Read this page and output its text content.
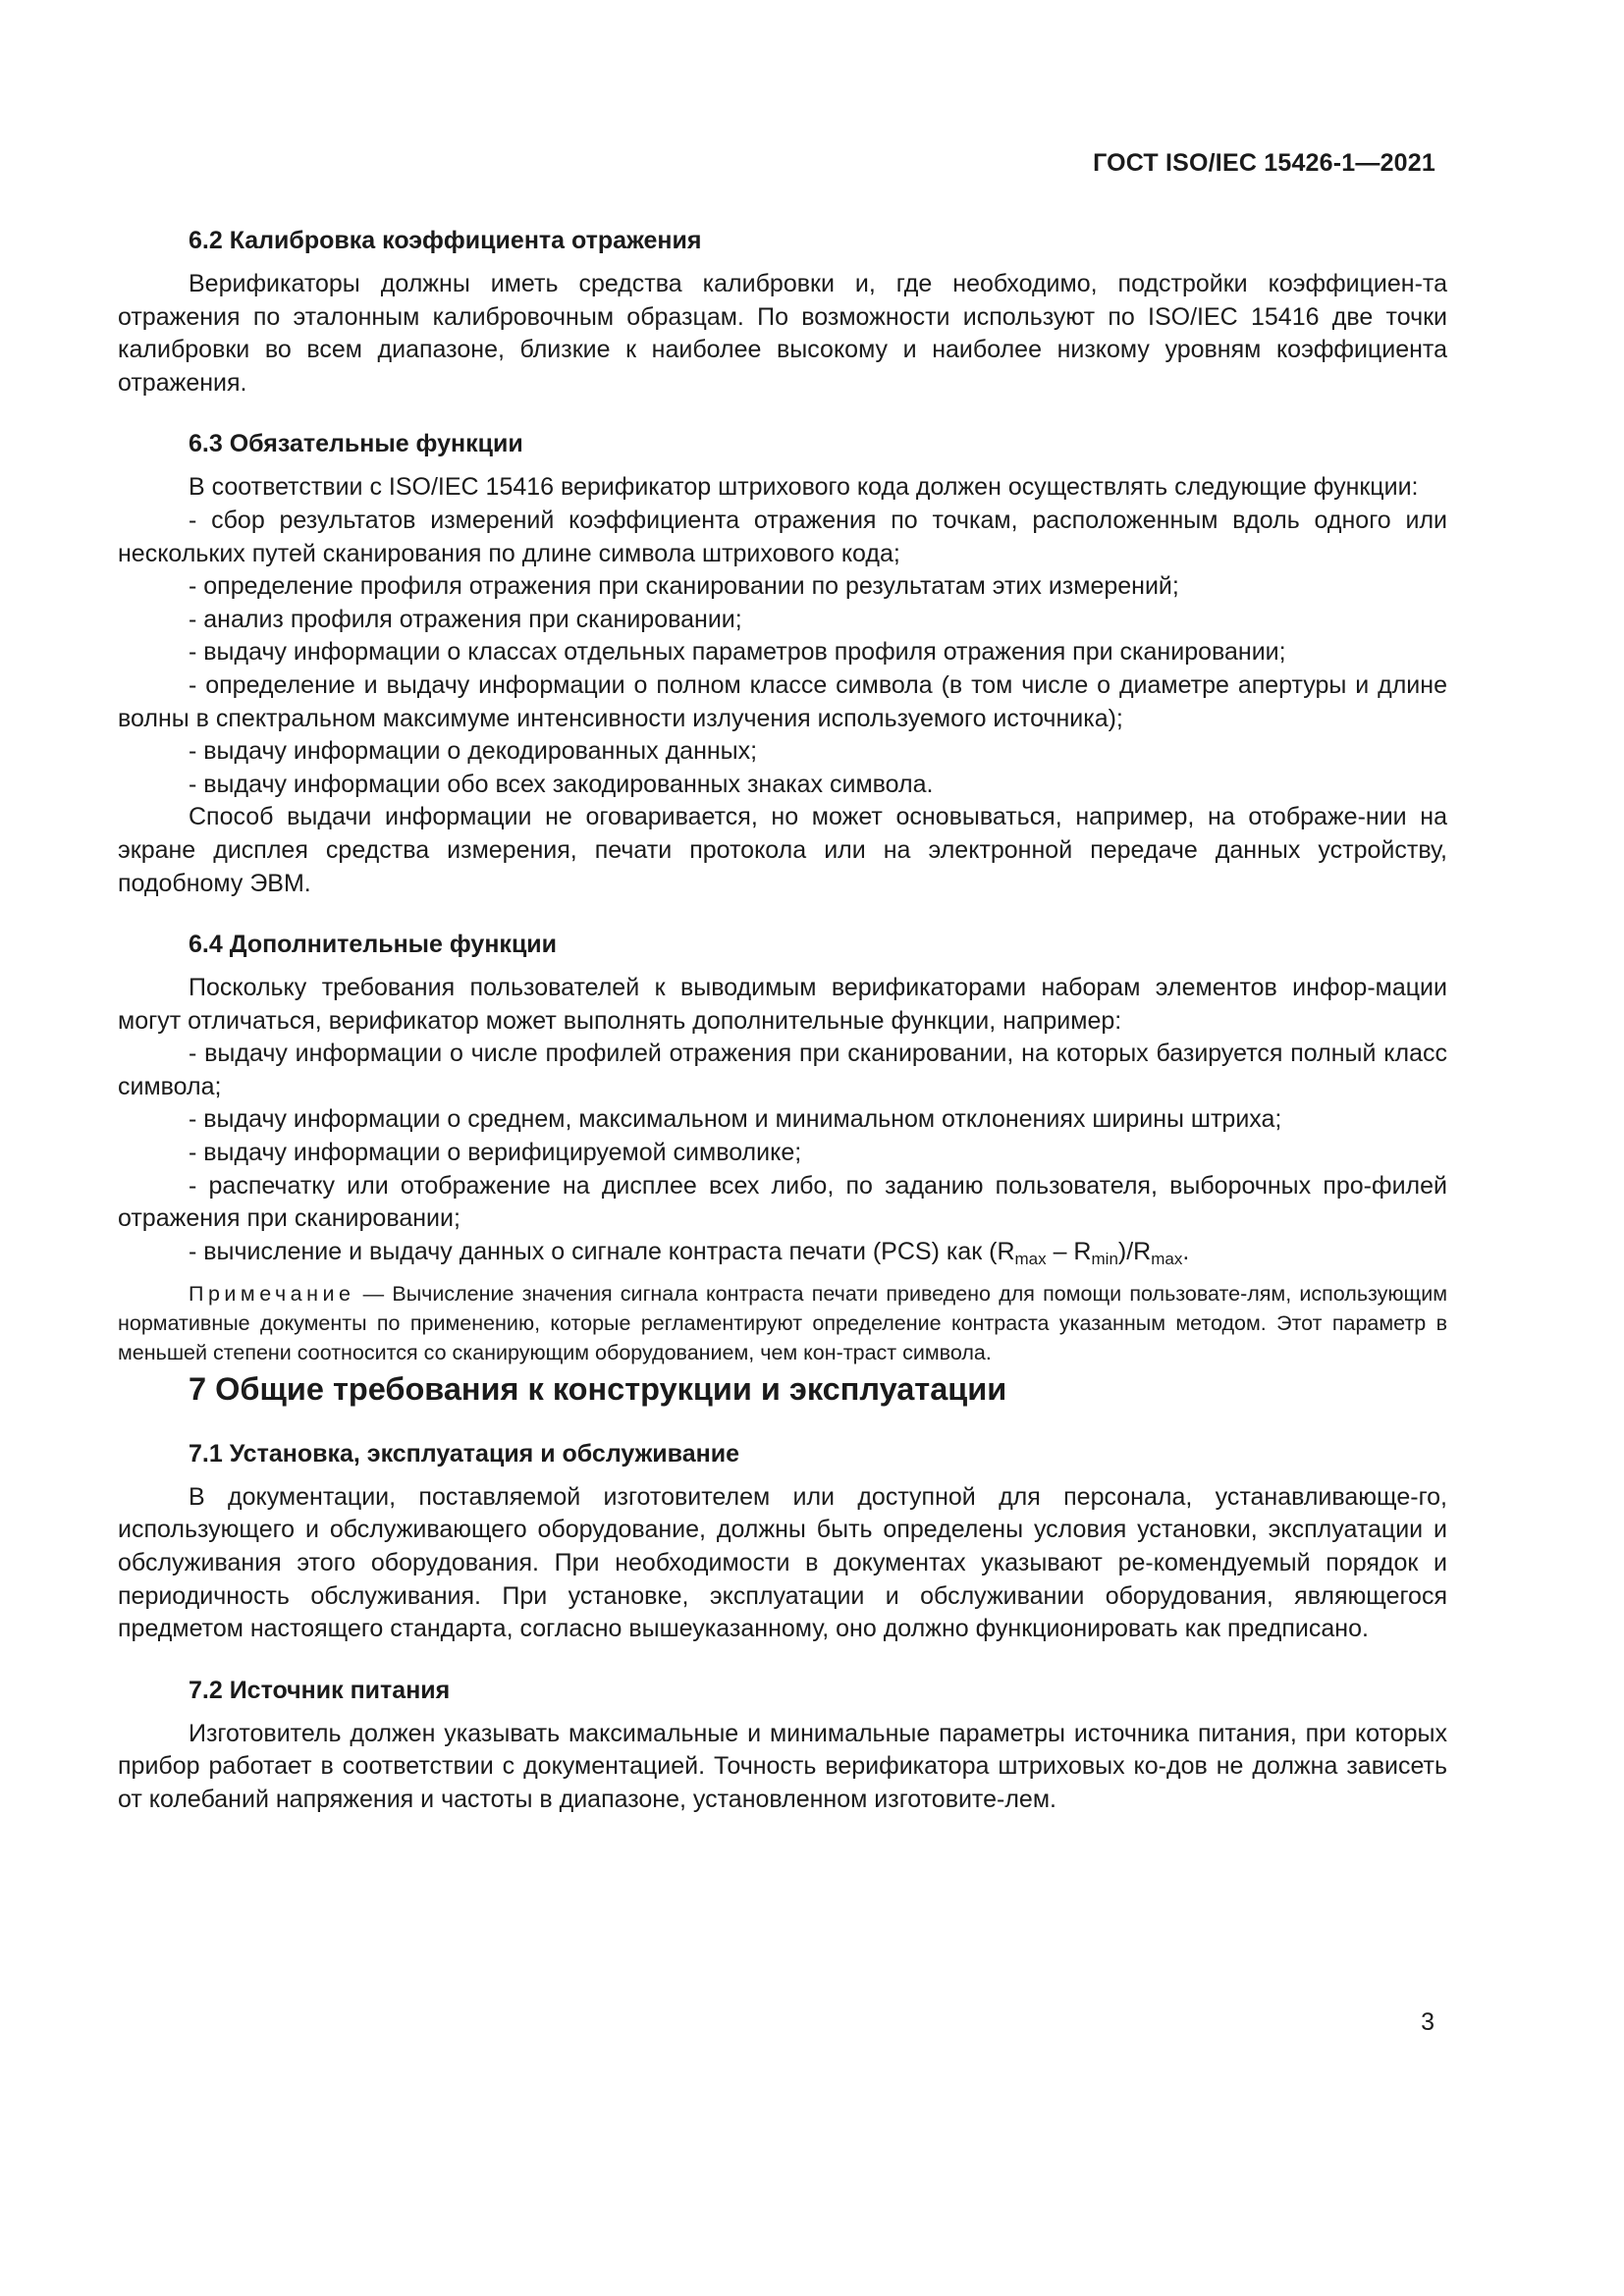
ГОСТ ISO/IEC 15426-1—2021
6.2 Калибровка коэффициента отражения

Верификаторы должны иметь средства калибровки и, где необходимо, подстройки коэффициен-та отражения по эталонным калибровочным образцам. По возможности используют по ISO/IEC 15416 две точки калибровки во всем диапазоне, близкие к наиболее высокому и наиболее низкому уровням коэффициента отражения.

6.3 Обязательные функции

В соответствии с ISO/IEC 15416 верификатор штрихового кода должен осуществлять следующие функции:

- сбор результатов измерений коэффициента отражения по точкам, расположенным вдоль одного или нескольких путей сканирования по длине символа штрихового кода;

- определение профиля отражения при сканировании по результатам этих измерений;

- анализ профиля отражения при сканировании;

- выдачу информации о классах отдельных параметров профиля отражения при сканировании;

- определение и выдачу информации о полном классе символа (в том числе о диаметре апертуры и длине волны в спектральном максимуме интенсивности излучения используемого источника);

- выдачу информации о декодированных данных;

- выдачу информации обо всех закодированных знаках символа.

Способ выдачи информации не оговаривается, но может основываться, например, на отображе-нии на экране дисплея средства измерения, печати протокола или на электронной передаче данных устройству, подобному ЭВМ.

6.4 Дополнительные функции

Поскольку требования пользователей к выводимым верификаторами наборам элементов инфор-мации могут отличаться, верификатор может выполнять дополнительные функции, например:

- выдачу информации о числе профилей отражения при сканировании, на которых базируется полный класс символа;

- выдачу информации о среднем, максимальном и минимальном отклонениях ширины штриха;

- выдачу информации о верифицируемой символике;

- распечатку или отображение на дисплее всех либо, по заданию пользователя, выборочных про-филей отражения при сканировании;

- вычисление и выдачу данных о сигнале контраста печати (PCS) как $(R_{max} - R_{min})/R_{max}$.

Примечание — Вычисление значения сигнала контраста печати приведено для помощи пользовате-лям, использующим нормативные документы по применению, которые регламентируют определение контраста указанным методом. Этот параметр в меньшей степени соотносится со сканирующим оборудованием, чем кон-траст символа.

7 Общие требования к конструкции и эксплуатации
7.1 Установка, эксплуатация и обслуживание

В документации, поставляемой изготовителем или доступной для персонала, устанавливающе-го, использующего и обслуживающего оборудование, должны быть определены условия установки, эксплуатации и обслуживания этого оборудования. При необходимости в документах указывают ре-комендуемый порядок и периодичность обслуживания. При установке, эксплуатации и обслуживании оборудования, являющегося предметом настоящего стандарта, согласно вышеуказанному, оно должно функционировать как предписано.

7.2 Источник питания

Изготовитель должен указывать максимальные и минимальные параметры источника питания, при которых прибор работает в соответствии с документацией. Точность верификатора штриховых ко-дов не должна зависеть от колебаний напряжения и частоты в диапазоне, установленном изготовите-лем.

3
